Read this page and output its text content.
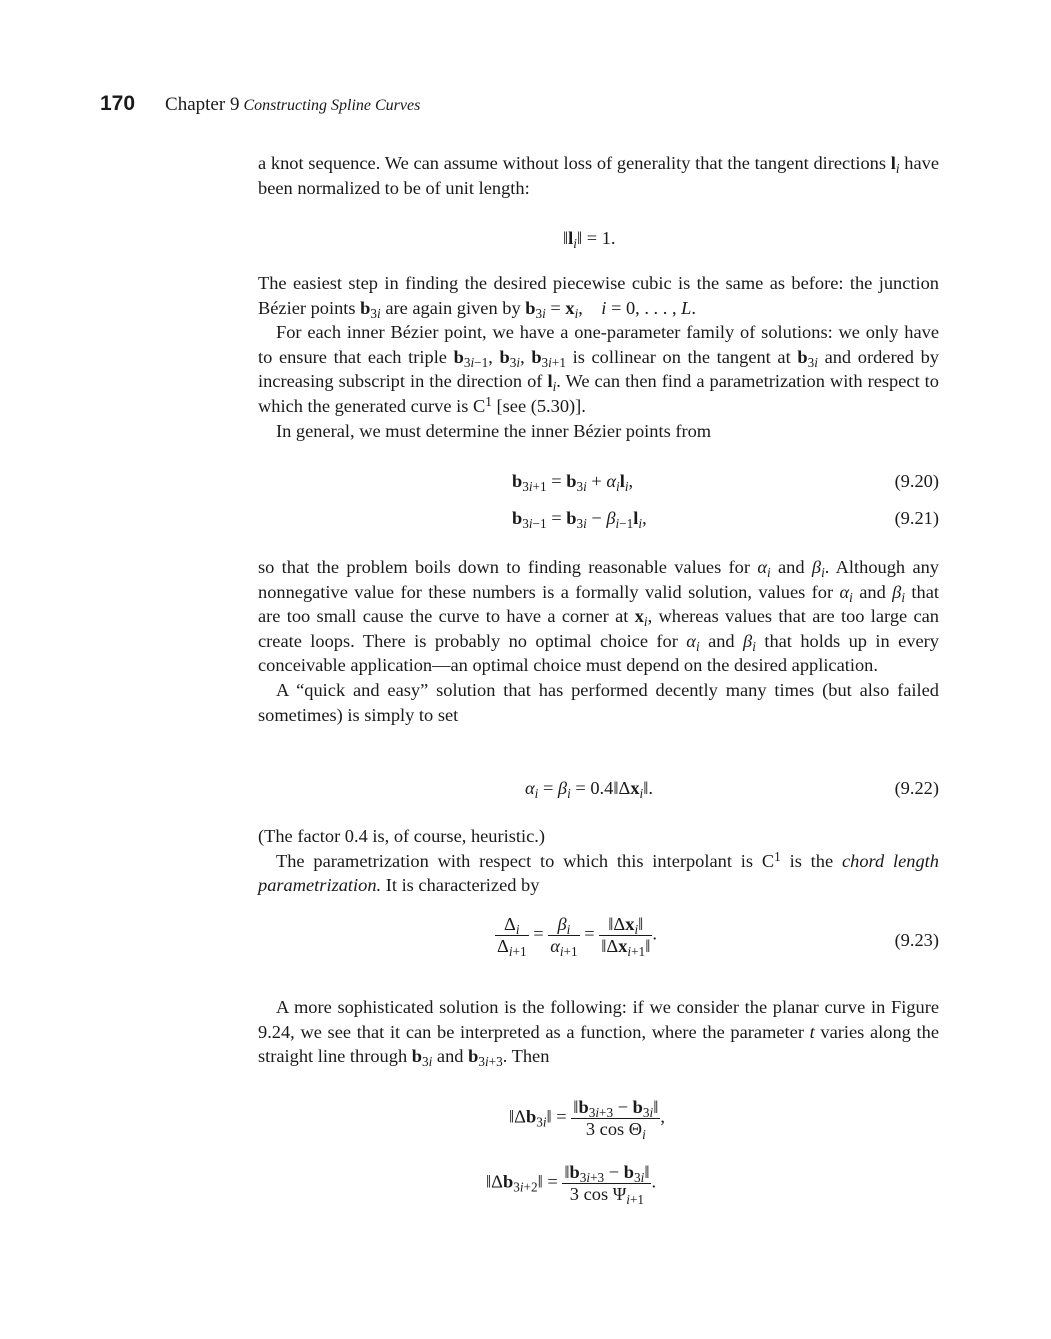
170 Chapter 9 Constructing Spline Curves

a knot sequence. We can assume without loss of generality that the tangent directions $l_i$ have been normalized to be of unit length:

$‖l_i‖ = 1$.

The easiest step in finding the desired piecewise cubic is the same as before: the junction Bézier points $b_{3i}$ are again given by $b_{3i} = x_i$,    i = 0, . . . , L.

For each inner Bézier point, we have a one-parameter family of solutions: we only have to ensure that each triple $b_{3i-1}$, $b_{3i}$, $b_{3i+1}$ is collinear on the tangent at $b_{3i}$ and ordered by increasing subscript in the direction of $l_i$. We can then find a parametrization with respect to which the generated curve is $C^1$ [see (5.30)].

In general, we must determine the inner Bézier points from

$b_{3i+1} = b_{3i} + \alpha_il_i$,	(9.20)
$b_{3i-1} = b_{3i} - \beta_{i-1}l_i$,	(9.21)

so that the problem boils down to finding reasonable values for $\alpha_i$ and $\beta_i$. Although any nonnegative value for these numbers is a formally valid solution, values for $\alpha_i$ and $\beta_i$ that are too small cause the curve to have a corner at $x_i$, whereas values that are too large can create loops. There is probably no optimal choice for $\alpha_i$ and $\beta_i$ that holds up in every conceivable application—an optimal choice must depend on the desired application.

A “quick and easy” solution that has performed decently many times (but also failed sometimes) is simply to set

$\alpha_i = \beta_i$ = $0.4‖\Delta x_i‖$.	(9.22)

(The factor 0.4 is, of course, heuristic.)

The parametrization with respect to which this interpolant is $C^1$ is the chord length parametrization. It is characterized by

$\frac{\Delta_i}{\Delta_{i+1}} = \frac{\beta_i}{\alpha_{i+1}} = \frac{‖\Delta x_i‖}{‖\Delta x_{i+1}‖}$ .	(9.23)

A more sophisticated solution is the following: if we consider the planar curve in Figure 9.24, we see that it can be interpreted as a function, where the parameter t varies along the straight line through $b_{3i}$ and $b_{3i+3}$. Then

$‖\Delta b_{3i}‖ = \frac{‖b_{3i+3} - b_{3i}‖}{3 \cos \Theta_i}$ ,
$‖\Delta b_{3i+2}‖ = \frac{‖b_{3i+3} - b_{3i}‖}{3 \cos \Psi_{i+1}}$ .
